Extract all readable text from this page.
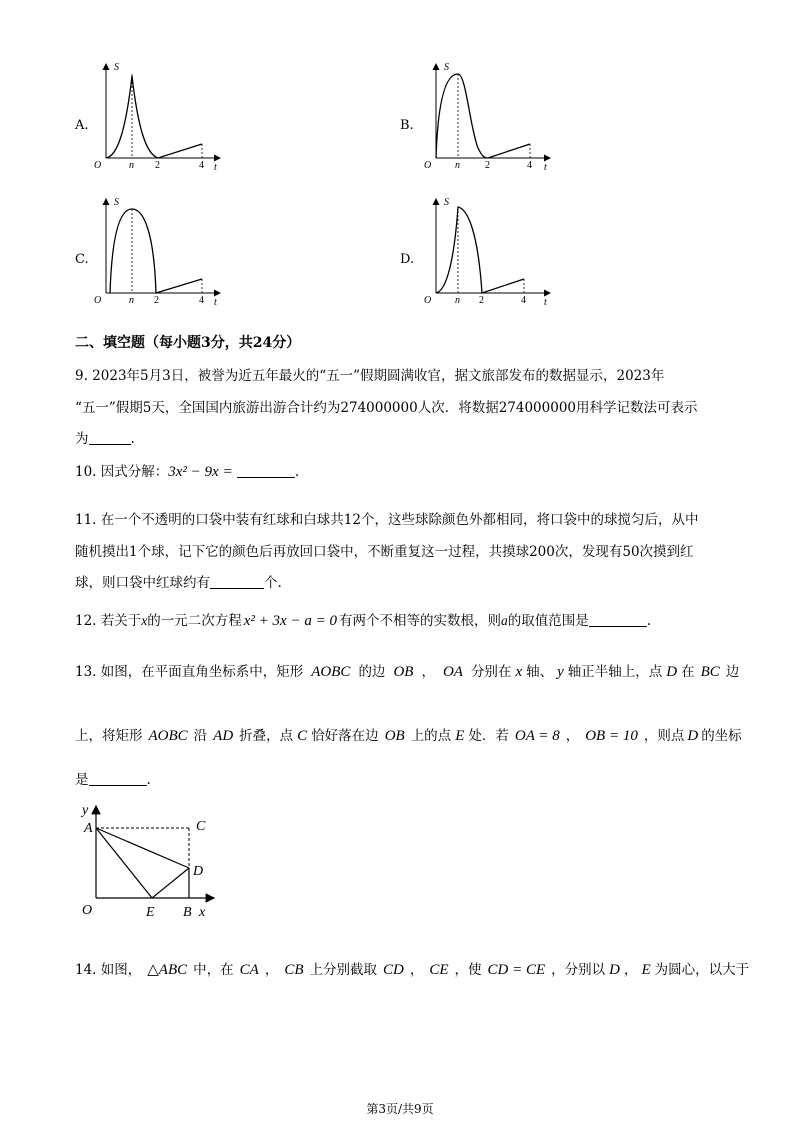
A.
S
t
O	n 2	4
B.
S
t
O n	2	4
C.
S
t
O	n 2	4
D.
S
t
O n 2	4
二、填空题（每小题3分，共24分）
9. 2023年5月3日，被誉为近五年最火的“五一”假期圆满收官，据文旅部发布的数据显示，2023年
“五一”假期5天，全国国内旅游出游合计约为274000000人次．将数据274000000用科学记数法可表示
为	.
10. 因式分解：3x² − 9x =	.
11. 在一个不透明的口袋中装有红球和白球共12个，这些球除颜色外都相同，将口袋中的球搅匀后，从中
随机摸出1个球，记下它的颜色后再放回口袋中，不断重复这一过程，共摸球200次，发现有50次摸到红
球，则口袋中红球约有	个.
12. 若关于x的一元二次方程 x² + 3x − a = 0 有两个不相等的实数根，则a的取值范围是	.
13. 如图，在平面直角坐标系中，矩形 AOBC 的边 OB ， OA 分别在 x 轴、 y 轴正半轴上，点 D 在 BC 边
上，将矩形 AOBC 沿 AD 折叠，点 C 恰好落在边 OB 上的点 E 处．若 OA = 8 ， OB = 10 ，则点 D 的坐标
是	.
A	C
D
O	E B x
y
14. 如图， △ABC 中，在 CA ， CB 上分别截取 CD ， CE ，使 CD = CE ，分别以 D ， E 为圆心，以大于
第3页/共9页
